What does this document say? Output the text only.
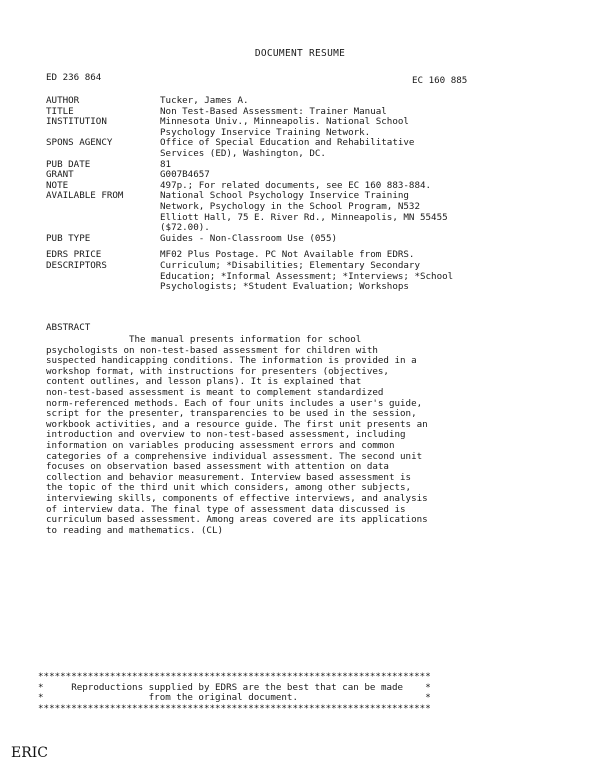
DOCUMENT RESUME
ED 236 864	EC 160 885
AUTHOR	Tucker, James A.
TITLE	Non Test-Based Assessment: Trainer Manual
INSTITUTION	Minnesota Univ., Minneapolis. National School
Psychology Inservice Training Network.
SPONS AGENCY	Office of Special Education and Rehabilitative
Services (ED), Washington, DC.
PUB DATE	81
GRANT	G007B4657
NOTE	497p.; For related documents, see EC 160 883-884.
AVAILABLE FROM	National School Psychology Inservice Training
Network, Psychology in the School Program, N532
Elliott Hall, 75 E. River Rd., Minneapolis, MN 55455
($72.00).
PUB TYPE	Guides - Non-Classroom Use (055)
EDRS PRICE	MF02 Plus Postage. PC Not Available from EDRS.
DESCRIPTORS	Curriculum; *Disabilities; Elementary Secondary
Education; *Informal Assessment; *Interviews; *School
Psychologists; *Student Evaluation; Workshops
ABSTRACT
The manual presents information for school
psychologists on non-test-based assessment for children with
suspected handicapping conditions. The information is provided in a
workshop format, with instructions for presenters (objectives,
content outlines, and lesson plans). It is explained that
non-test-based assessment is meant to complement standardized
norm-referenced methods. Each of four units includes a user's guide,
script for the presenter, transparencies to be used in the session,
workbook activities, and a resource guide. The first unit presents an
introduction and overview to non-test-based assessment, including
information on variables producing assessment errors and common
categories of a comprehensive individual assessment. The second unit
focuses on observation based assessment with attention on data
collection and behavior measurement. Interview based assessment is
the topic of the third unit which considers, among other subjects,
interviewing skills, components of effective interviews, and analysis
of interview data. The final type of assessment data discussed is
curriculum based assessment. Among areas covered are its applications
to reading and mathematics. (CL)
***********************************************************************
*     Reproductions supplied by EDRS are the best that can be made    *
*                   from the original document.                       *
***********************************************************************
ERIC
